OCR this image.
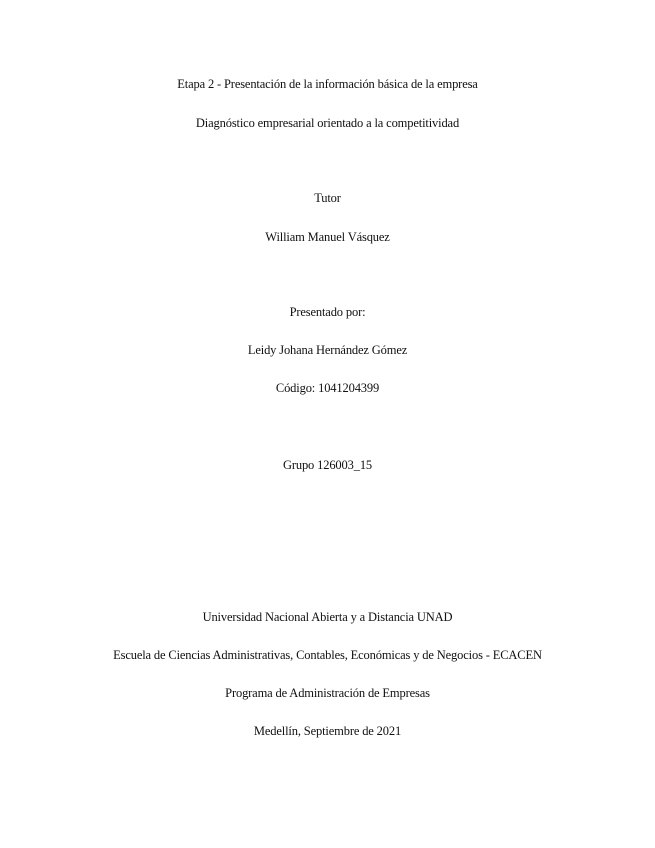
Etapa 2 - Presentación de la información básica de la empresa
Diagnóstico empresarial orientado a la competitividad
Tutor
William Manuel Vásquez
Presentado por:
Leidy Johana Hernández Gómez
Código: 1041204399
Grupo 126003_15
Universidad Nacional Abierta y a Distancia UNAD
Escuela de Ciencias Administrativas, Contables, Económicas y de Negocios - ECACEN
Programa de Administración de Empresas
Medellín, Septiembre de 2021
